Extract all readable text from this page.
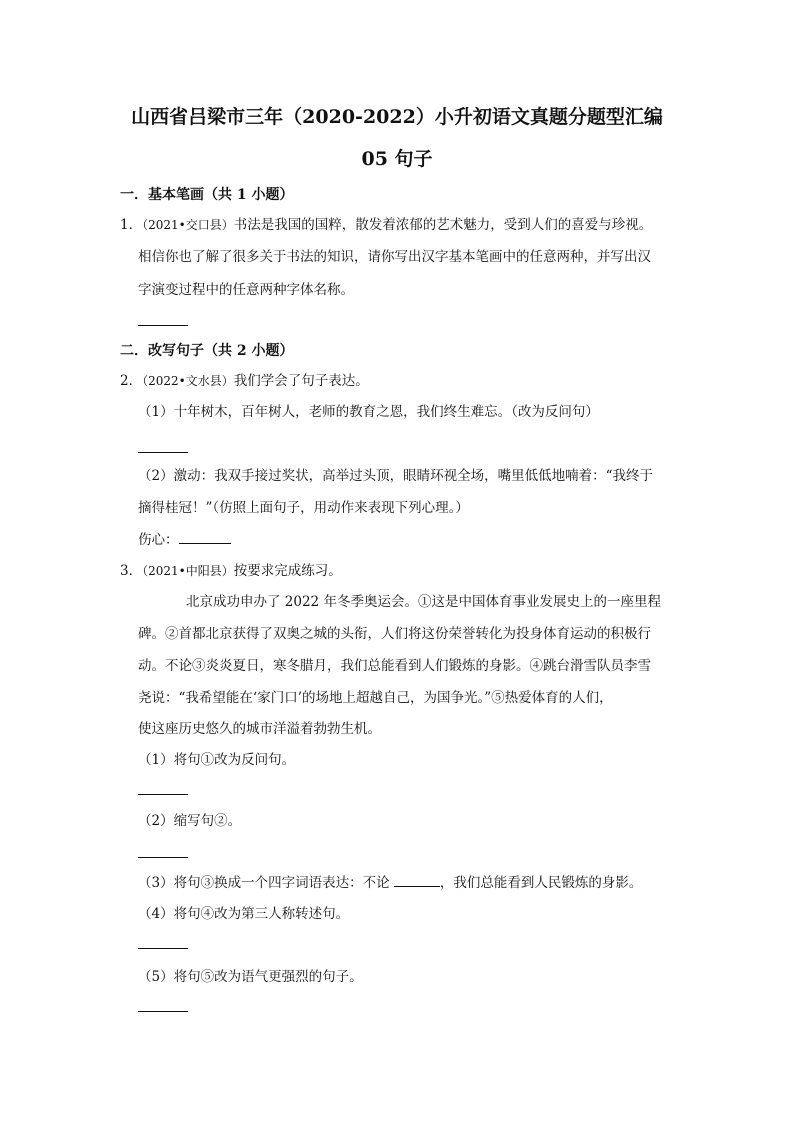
山西省吕梁市三年（2020-2022）小升初语文真题分题型汇编
05 句子
一．基本笔画（共 1 小题）
1．（2021•交口县）书法是我国的国粹，散发着浓郁的艺术魅力，受到人们的喜爱与珍视。
相信你也了解了很多关于书法的知识，请你写出汉字基本笔画中的任意两种，并写出汉
字演变过程中的任意两种字体名称。
二．改写句子（共 2 小题）
2．（2022•文水县）我们学会了句子表达。
（1）十年树木，百年树人，老师的教育之恩，我们终生难忘。（改为反问句）
（2）激动：我双手接过奖状，高举过头顶，眼睛环视全场，嘴里低低地喃着：“我终于
摘得桂冠！”（仿照上面句子，用动作来表现下列心理。）
伤心：
3．（2021•中阳县）按要求完成练习。
北京成功申办了 2022 年冬季奥运会。①这是中国体育事业发展史上的一座里程
碑。②首都北京获得了双奥之城的头衔，人们将这份荣誉转化为投身体育运动的积极行
动。不论③炎炎夏日，寒冬腊月，我们总能看到人们锻炼的身影。④跳台滑雪队员李雪
尧说：“我希望能在‘家门口’的场地上超越自己，为国争光。”⑤热爱体育的人们，
使这座历史悠久的城市洋溢着勃勃生机。
（1）将句①改为反问句。
（2）缩写句②。
（3）将句③换成一个四字词语表达：不论	，我们总能看到人民锻炼的身影。
（4）将句④改为第三人称转述句。
（5）将句⑤改为语气更强烈的句子。
